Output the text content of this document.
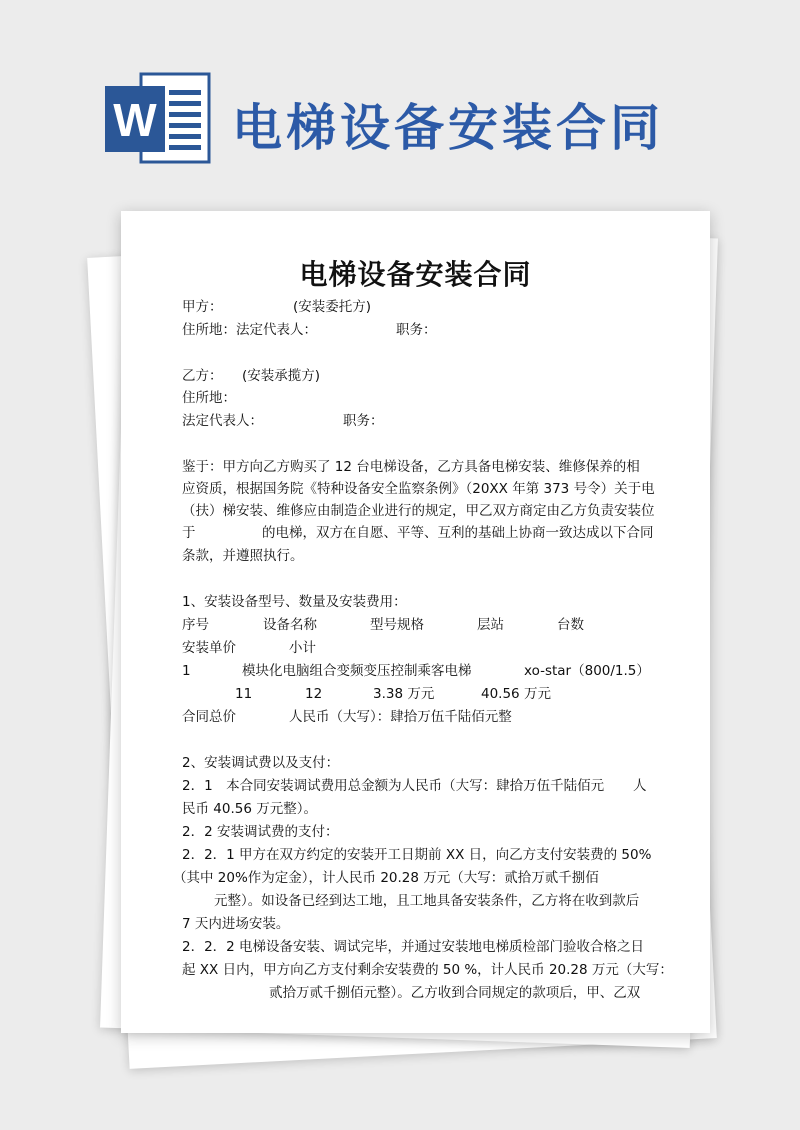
W 电梯设备安装合同
电梯设备安装合同
甲方：	(安装委托方)
住所地： 法定代表人：	职务：
乙方： (安装承揽方)
住所地：
法定代表人：	职务：
鉴于：甲方向乙方购买了 12 台电梯设备，乙方具备电梯安装、维修保养的相
应资质，根据国务院《特种设备安全监察条例》（20XX 年第 373 号令）关于电
（扶）梯安装、维修应由制造企业进行的规定，甲乙双方商定由乙方负责安装位
于	的电梯，双方在自愿、平等、互利的基础上协商一致达成以下合同
条款，并遵照执行。
1、安装设备型号、数量及安装费用：
序号	设备名称	型号规格	层站	台数
安装单价	小计
1	模块化电脑组合变频变压控制乘客电梯	xo-star（800/1.5）
11	12	3.38 万元	40.56 万元
合同总价	人民币（大写）：肆拾万伍千陆佰元整
2、安装调试费以及支付：
2．1　本合同安装调试费用总金额为人民币（大写：肆拾万伍千陆佰元 人
民币 40.56 万元整）。
2．2 安装调试费的支付：
2．2．1 甲方在双方约定的安装开工日期前 XX 日，向乙方支付安装费的 50%
（其中 20%作为定金），计人民币 20.28 万元（大写：贰拾万贰千捌佰
元整）。如设备已经到达工地，且工地具备安装条件，乙方将在收到款后
7 天内进场安装。
2．2．2 电梯设备安装、调试完毕，并通过安装地电梯质检部门验收合格之日
起 XX 日内，甲方向乙方支付剩余安装费的 50 %，计人民币 20.28 万元（大写：
贰拾万贰千捌佰元整）。乙方收到合同规定的款项后，甲、乙双
